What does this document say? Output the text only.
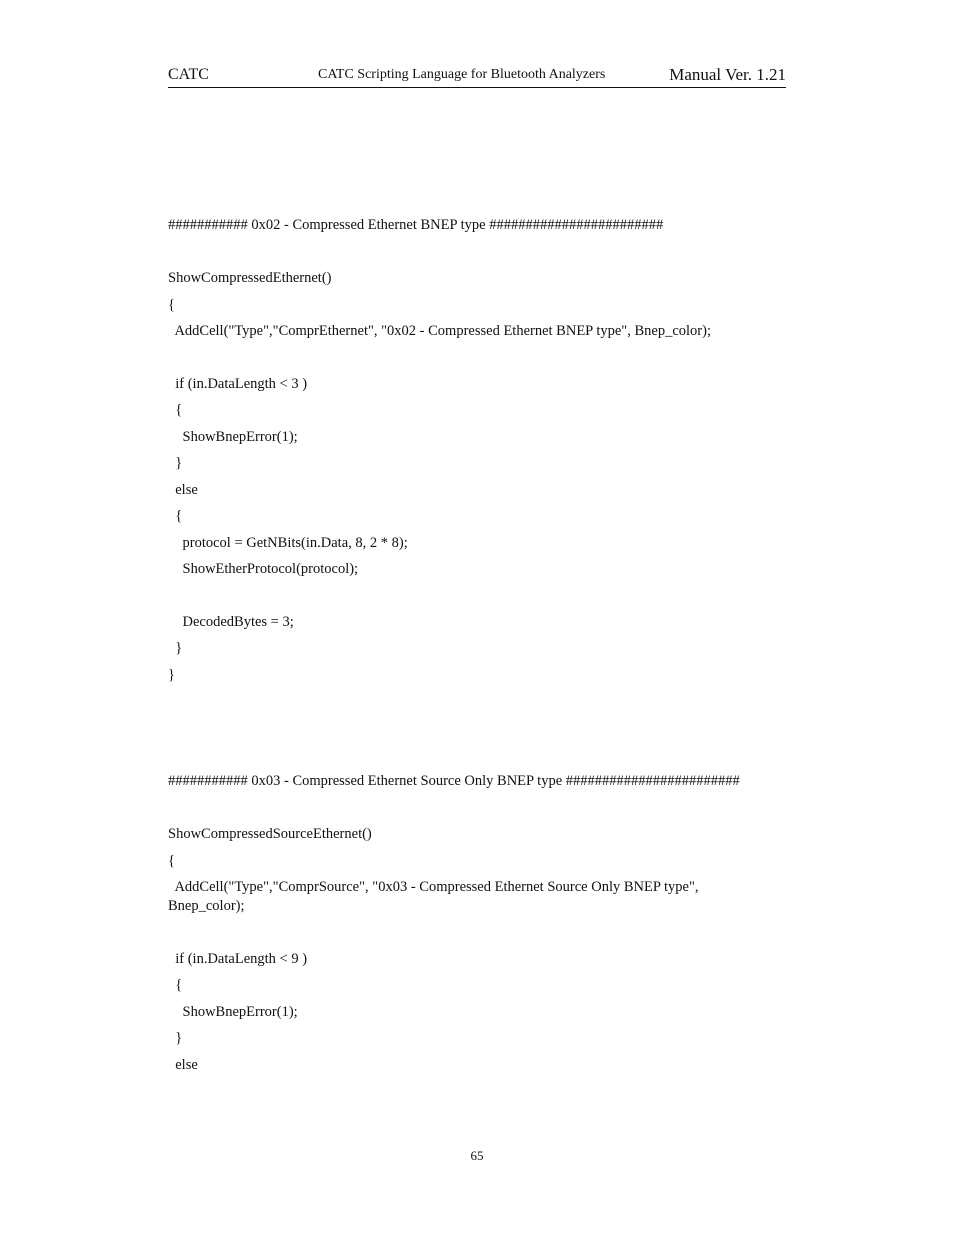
CATC	CATC Scripting Language for Bluetooth Analyzers	Manual Ver. 1.21
########### 0x02 - Compressed Ethernet BNEP type ########################
ShowCompressedEthernet()
{
AddCell("Type","ComprEthernet", "0x02 - Compressed Ethernet BNEP type", Bnep_color);
if (in.DataLength < 3 )
{
ShowBnepError(1);
}
else
{
protocol = GetNBits(in.Data, 8, 2 * 8);
ShowEtherProtocol(protocol);
DecodedBytes = 3;
}
}
########### 0x03 - Compressed Ethernet Source Only BNEP type ########################
ShowCompressedSourceEthernet()
{
AddCell("Type","ComprSource", "0x03 - Compressed Ethernet Source Only BNEP type",
Bnep_color);
if (in.DataLength < 9 )
{
ShowBnepError(1);
}
else
65
